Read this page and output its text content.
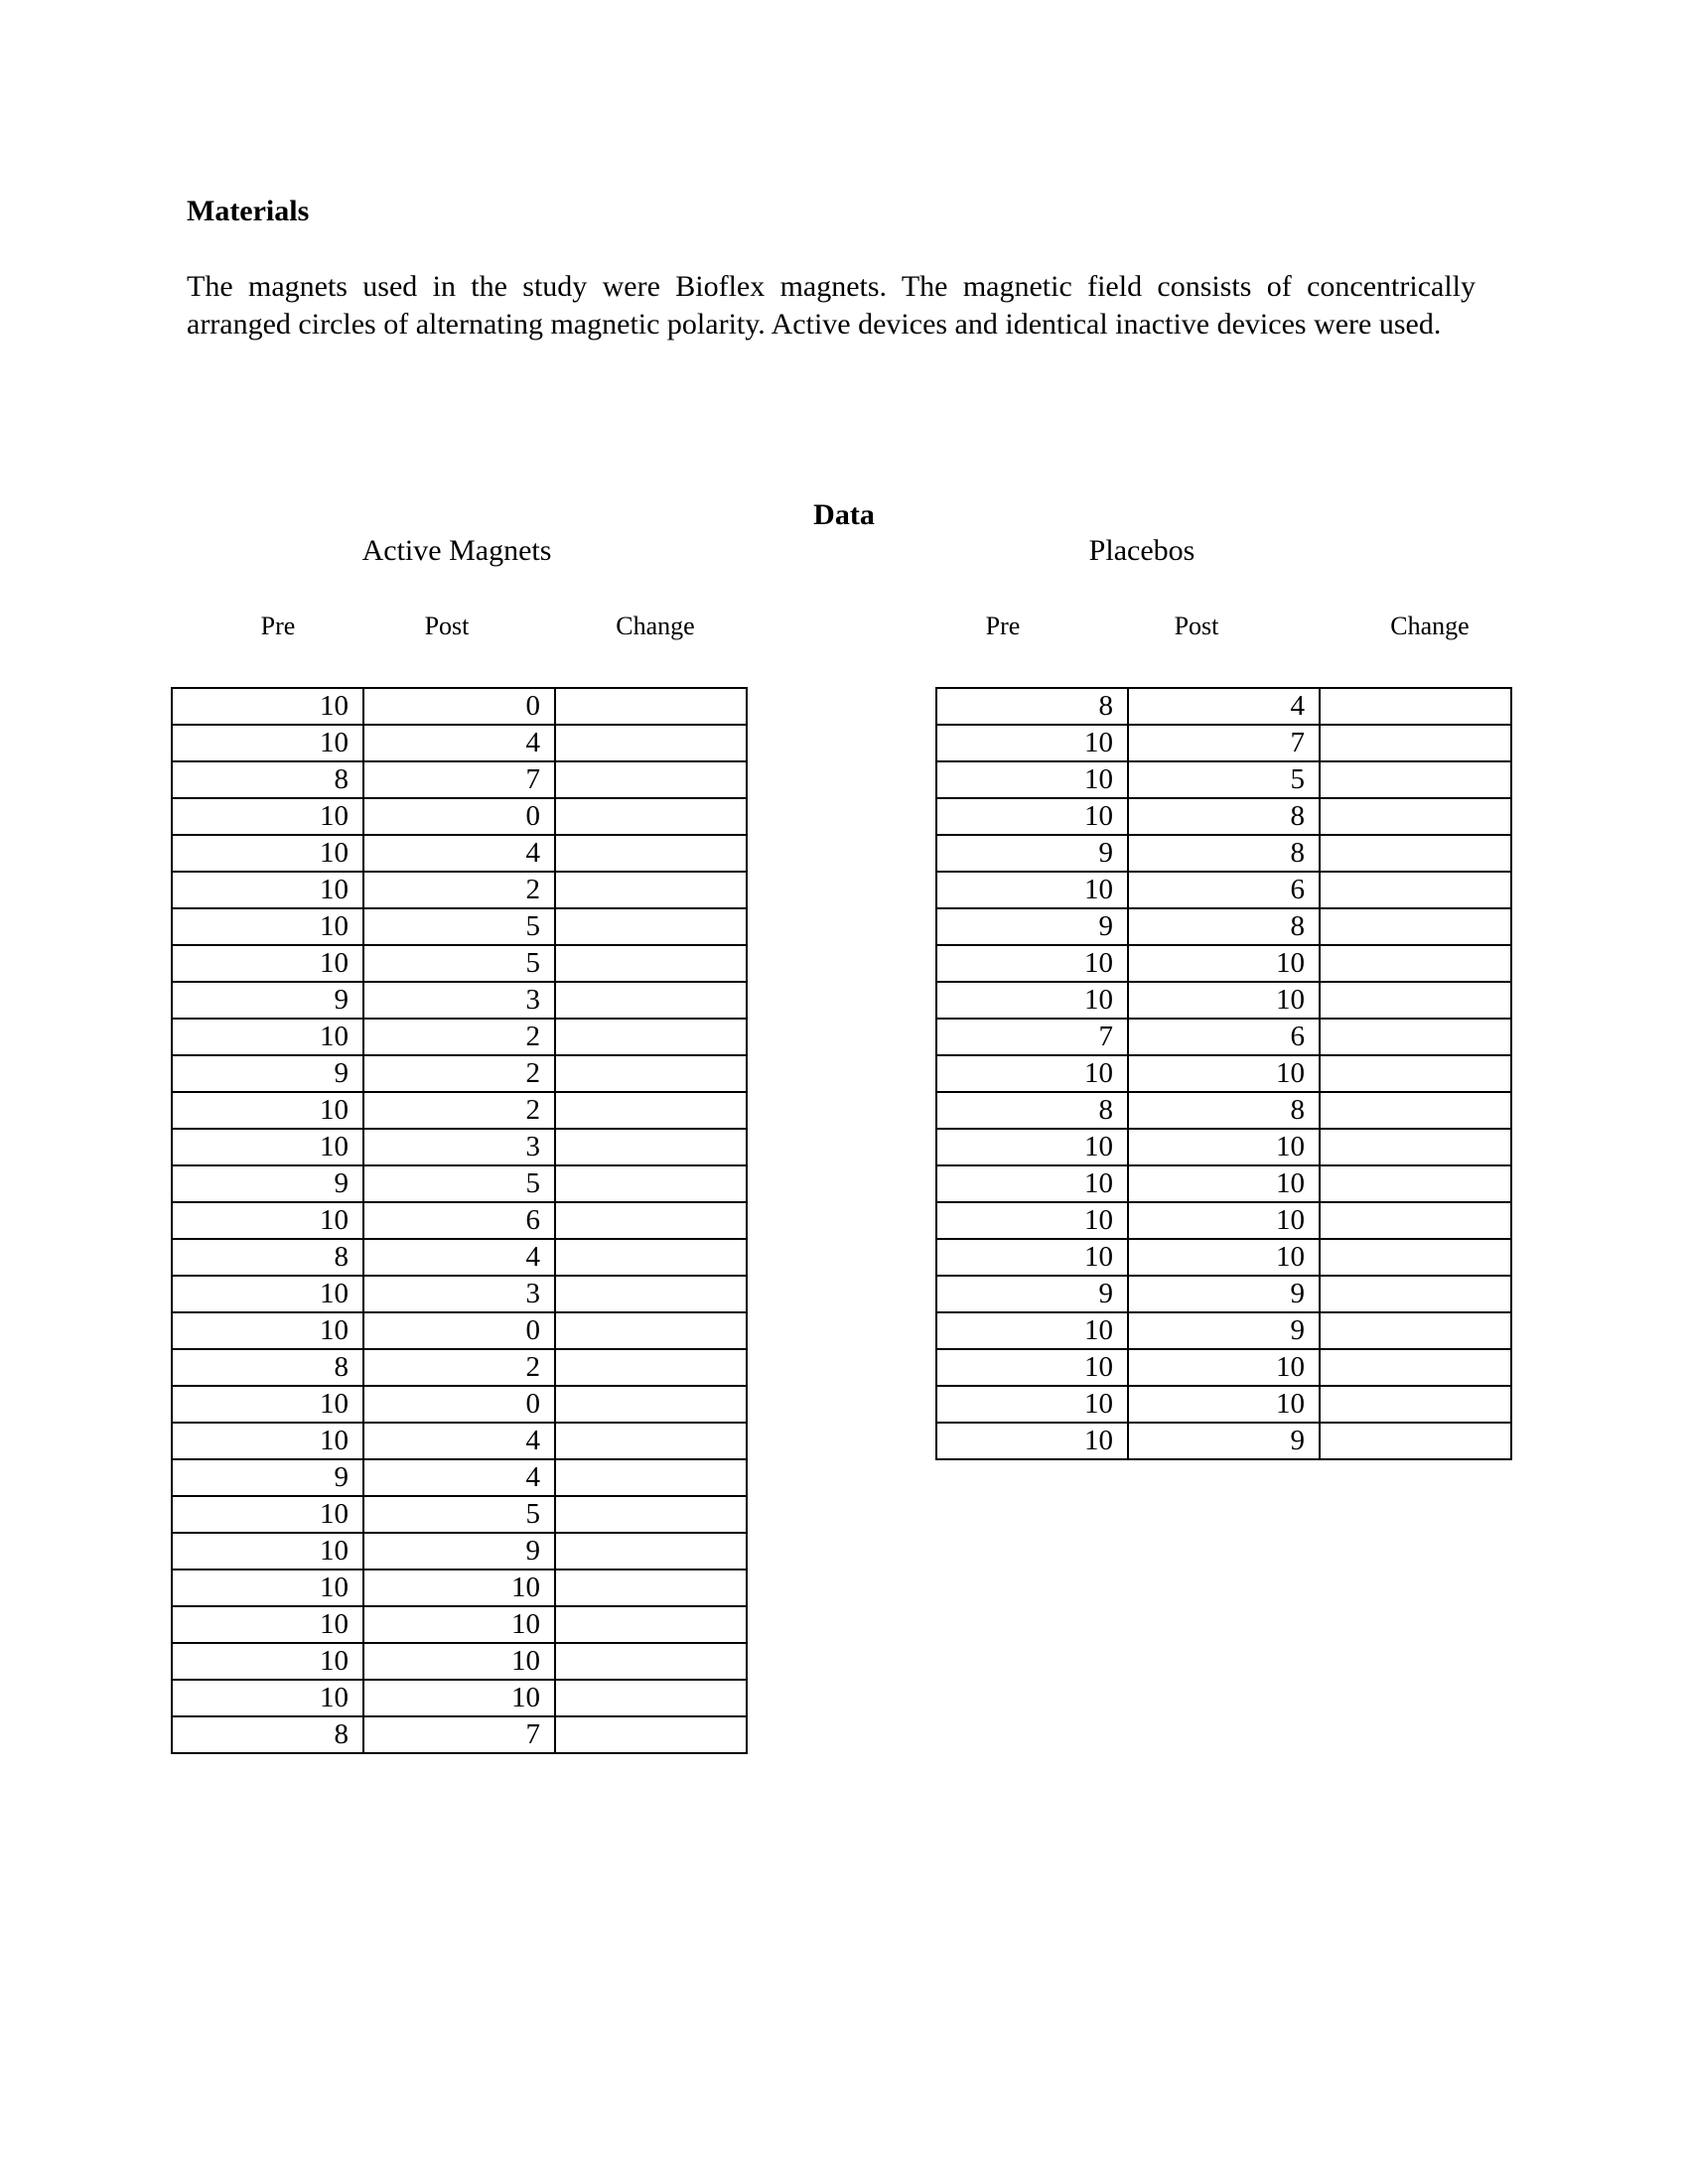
Materials
The magnets used in the study were Bioflex magnets. The magnetic field consists of concentrically arranged circles of alternating magnetic polarity. Active devices and identical inactive devices were used.
Data
Active Magnets	Placebos
Pre	Post	Change	Pre	Post	Change
10	0	
10	4	
8	7	
10	0	
10	4	
10	2	
10	5	
10	5	
9	3	
10	2	
9	2	
10	2	
10	3	
9	5	
10	6	
8	4	
10	3	
10	0	
8	2	
10	0	
10	4	
9	4	
10	5	
10	9	
10	10	
10	10	
10	10	
10	10	
8	7	
8	4	
10	7	
10	5	
10	8	
9	8	
10	6	
9	8	
10	10	
10	10	
7	6	
10	10	
8	8	
10	10	
10	10	
10	10	
10	10	
9	9	
10	9	
10	10	
10	10	
10	9	
